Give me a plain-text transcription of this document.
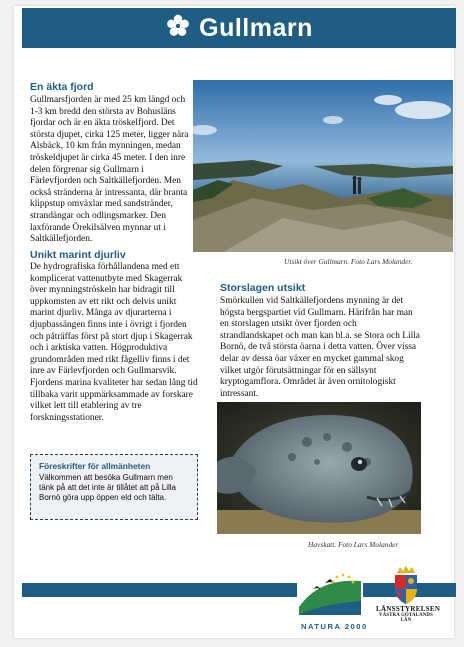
Gullmarn
En äkta fjord
Gullmarsfjorden är med 25 km längd och 1-3 km bredd den största av Bohusläns fjordar och är en äkta tröskelfjord. Det största djupet, cirka 125 meter, ligger nära Alsbäck, 10 km från mynningen, medan tröskeldjupet är cirka 45 meter. I den inre delen förgrenar sig Gullmarn i Färlevfjorden och Saltkällefjorden. Men också stränderna är intressanta, där branta klippstup omväxlar med sandstränder, strandängar och odlingsmarker. Den laxförande Örekilsälven mynnar ut i Saltkällefjorden.
Unikt marint djurliv
De hydrografiska förhållandena med ett komplicerat vattenutbyte med Skagerrak över mynningströskeln har bidragit till uppkomsten av ett rikt och delvis unikt marint djurliv. Många av djurarterna i djupbassängen finns inte i övrigt i fjorden och påträffas först på stort djup i Skagerrak och i arktiska vatten. Högproduktiva grundområden med rikt fågelliv finns i det inre av Färlevfjorden och Gullmarsvik. Fjordens marina kvaliteter har sedan lång tid tillbaka varit uppmärksammade av forskare vilket lett till etablering av tre forskningsstationer.
Utsikt över Gullmarn. Foto Lars Molander.
Storslagen utsikt
Smörkullen vid Saltkällefjordens mynning är det högsta bergspartiet vid Gullmarn. Härifrån har man en storslagen utsikt över fjorden och strandlandskapet och man kan bl.a. se Stora och Lilla Bornö, de två största öarna i detta vatten. Över vissa delar av dessa öar växer en mycket gammal skog vilket utgör förutsättningar för en sällsynt kryptogamflora. Området är även ornitologiskt intressant.
Havskatt. Foto Lars Molander
Föreskrifter för allmänheten
Välkommen att besöka Gullmarn men tänk på att det inte är tillåtet att på Lilla Bornö göra upp öppen eld och tälta.
NATURA 2000
LÄNSSTYRELSEN
VÄSTRA GÖTALANDS LÄN
